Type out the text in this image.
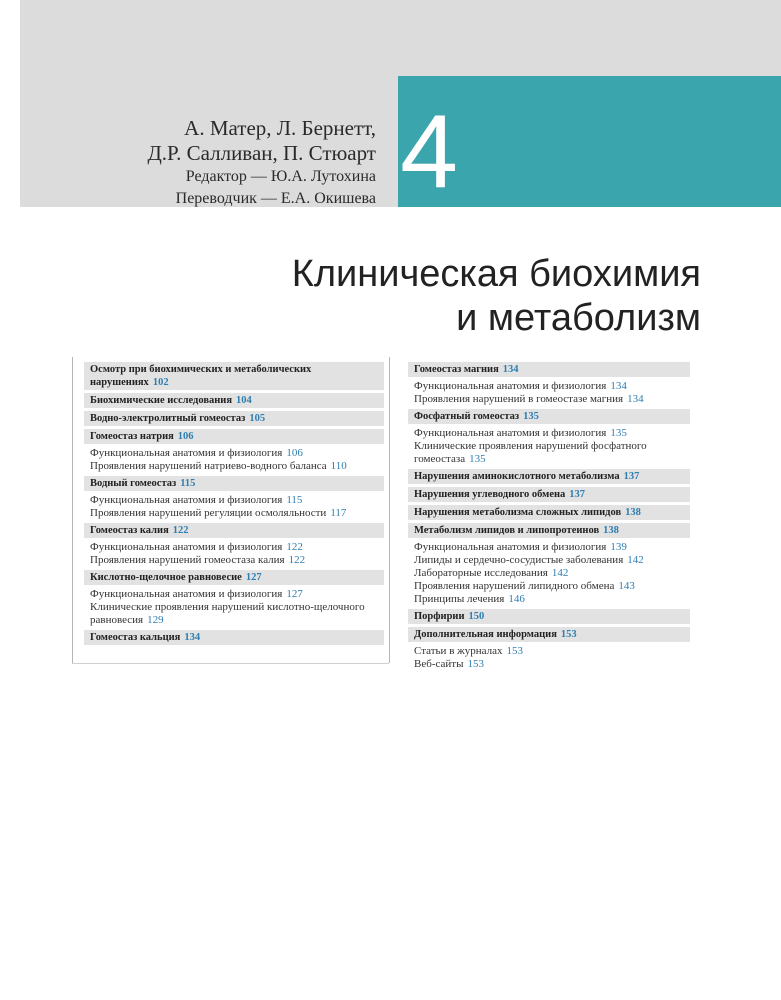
4
А. Матер, Л. Бернетт,
Д.Р. Салливан, П. Стюарт
Редактор — Ю.А. Лутохина
Переводчик — Е.А. Окишева
Клиническая биохимия
и метаболизм
Осмотр при биохимических и метаболических нарушениях 102
Биохимические исследования 104
Водно-электролитный гомеостаз 105
Гомеостаз натрия 106
Функциональная анатомия и физиология 106
Проявления нарушений натриево-водного баланса 110
Водный гомеостаз 115
Функциональная анатомия и физиология 115
Проявления нарушений регуляции осмоляльности 117
Гомеостаз калия 122
Функциональная анатомия и физиология 122
Проявления нарушений гомеостаза калия 122
Кислотно-щелочное равновесие 127
Функциональная анатомия и физиология 127
Клинические проявления нарушений кислотно-щелочного равновесия 129
Гомеостаз кальция 134
Гомеостаз магния 134
Функциональная анатомия и физиология 134
Проявления нарушений в гомеостазе магния 134
Фосфатный гомеостаз 135
Функциональная анатомия и физиология 135
Клинические проявления нарушений фосфатного гомеостаза 135
Нарушения аминокислотного метаболизма 137
Нарушения углеводного обмена 137
Нарушения метаболизма сложных липидов 138
Метаболизм липидов и липопротеинов 138
Функциональная анатомия и физиология 139
Липиды и сердечно-сосудистые заболевания 142
Лабораторные исследования 142
Проявления нарушений липидного обмена 143
Принципы лечения 146
Порфирии 150
Дополнительная информация 153
Статьи в журналах 153
Веб-сайты 153
